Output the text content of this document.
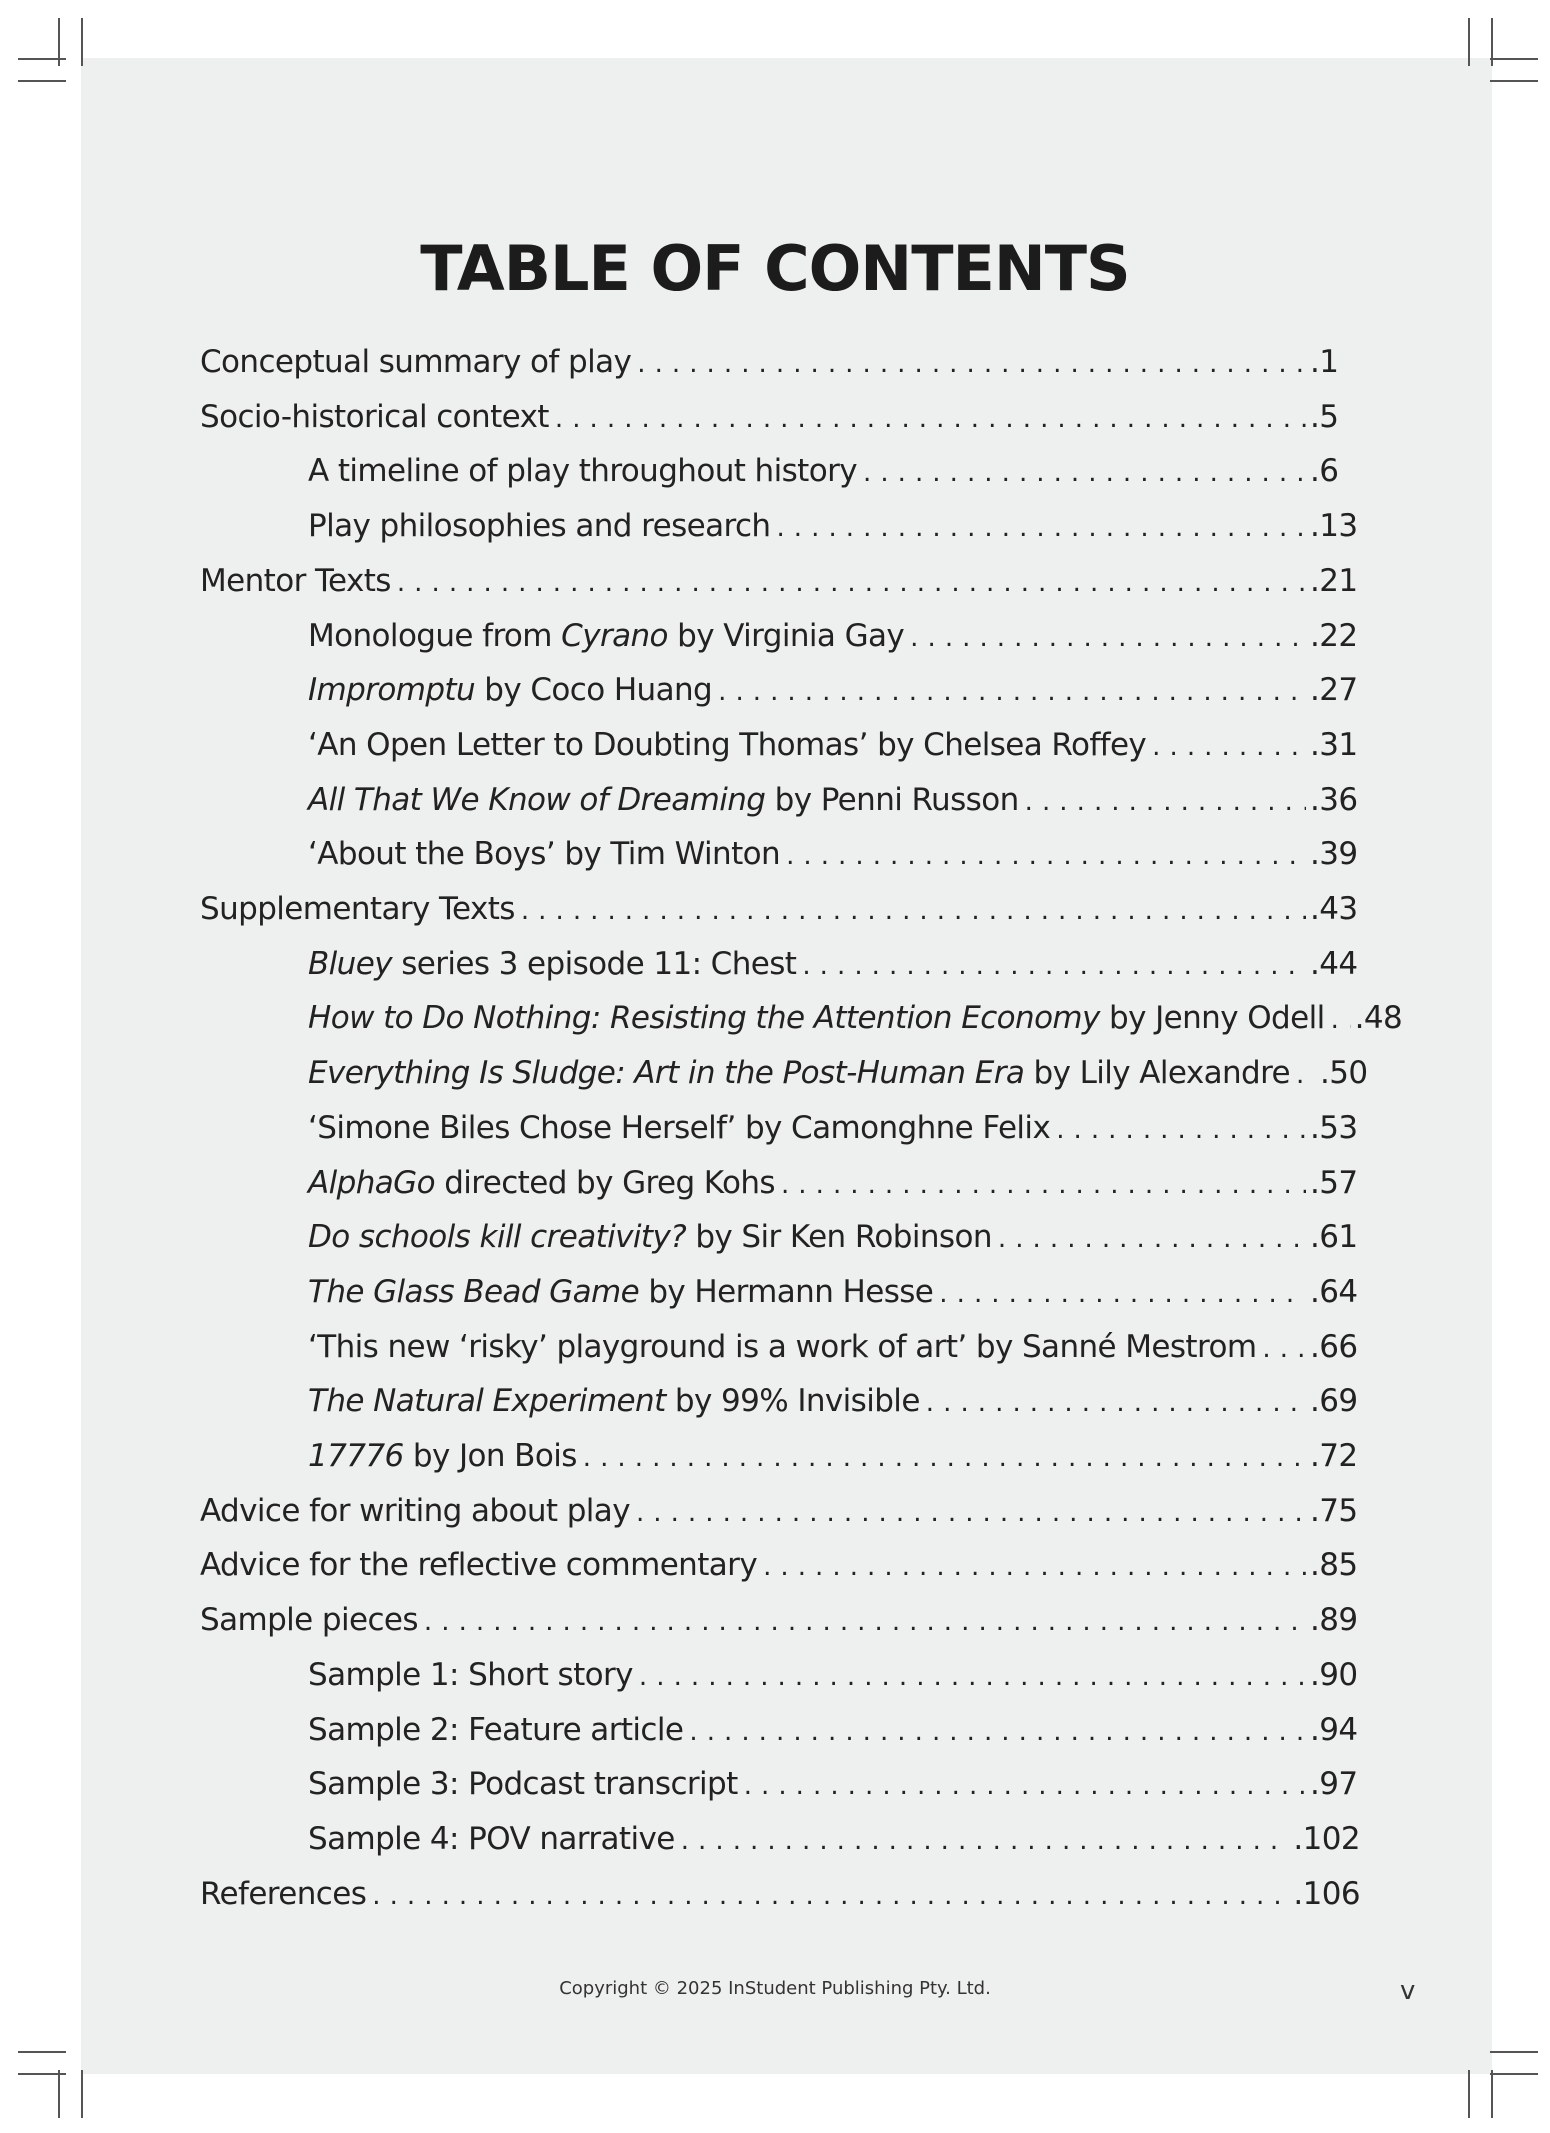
TABLE OF CONTENTS
Conceptual summary of play . . .	.1
Socio-historical context . . .	.5
A timeline of play throughout history . . .	.6
Play philosophies and research . . .	.13
Mentor Texts . . .	.21
Monologue from Cyrano by Virginia Gay . . .	.22
Impromptu by Coco Huang . . .	.27
‘An Open Letter to Doubting Thomas’ by Chelsea Roffey . . .	.31
All That We Know of Dreaming by Penni Russon . . .	.36
‘About the Boys’ by Tim Winton . . .	.39
Supplementary Texts . . .	.43
Bluey series 3 episode 11: Chest . . .	.44
How to Do Nothing: Resisting the Attention Economy by Jenny Odell . . . .48
Everything Is Sludge: Art in the Post-Human Era by Lily Alexandre . . . .50
‘Simone Biles Chose Herself’ by Camonghne Felix . . .	.53
AlphaGo directed by Greg Kohs . . .	.57
Do schools kill creativity? by Sir Ken Robinson . . .	.61
The Glass Bead Game by Hermann Hesse . . .	.64
‘This new ‘risky’ playground is a work of art’ by Sanné Mestrom . . . .66
The Natural Experiment by 99% Invisible . . .	.69
17776 by Jon Bois . . .	.72
Advice for writing about play . . .	.75
Advice for the reflective commentary . . .	.85
Sample pieces . . .	.89
Sample 1: Short story . . .	.90
Sample 2: Feature article . . .	.94
Sample 3: Podcast transcript . . .	.97
Sample 4: POV narrative . . .	.102
References . . .	.106
Copyright © 2025 InStudent Publishing Pty. Ltd.	v
